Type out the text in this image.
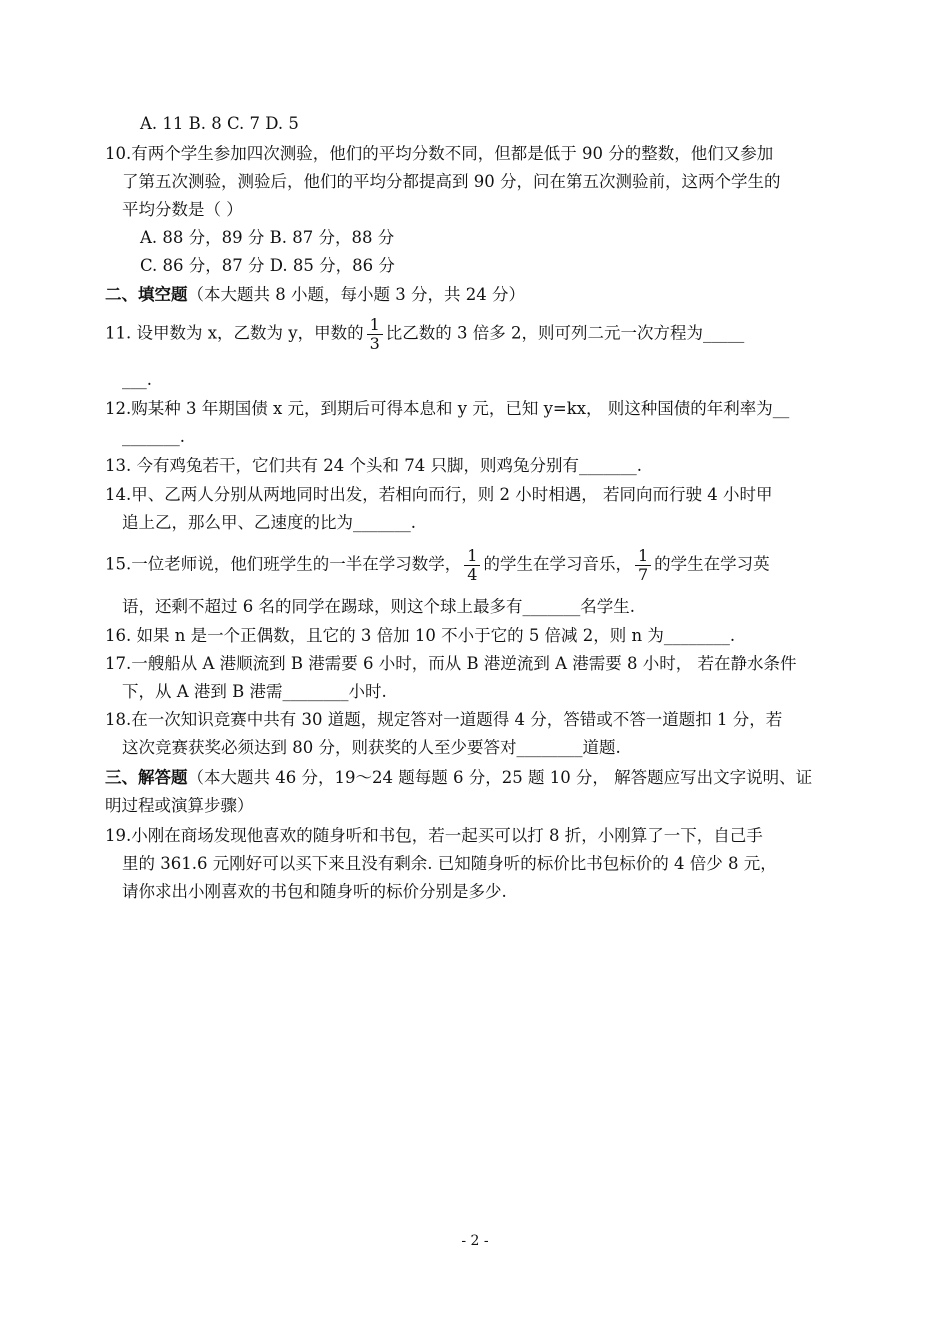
A. 11 B. 8 C. 7 D. 5
10.有两个学生参加四次测验，他们的平均分数不同，但都是低于 90 分的整数，他们又参加
了第五次测验，测验后，他们的平均分都提高到 90 分，问在第五次测验前，这两个学生的
平均分数是（ ）
A. 88 分，89 分 B. 87 分，88 分
C. 86 分，87 分 D. 85 分，86 分
二、填空题（本大题共 8 小题，每小题 3 分，共 24 分）
11. 设甲数为 x，乙数为 y，甲数的 $\frac{1}{3}$ 比乙数的 3 倍多 2，则可列二元一次方程为_____
___.
12.购某种 3 年期国债 x 元，到期后可得本息和 y 元，已知 y=kx， 则这种国债的年利率为__
_______.
13. 今有鸡兔若干，它们共有 24 个头和 74 只脚，则鸡兔分别有_______.
14.甲、乙两人分别从两地同时出发，若相向而行，则 2 小时相遇， 若同向而行驶 4 小时甲
追上乙，那么甲、乙速度的比为_______.
15.一位老师说，他们班学生的一半在学习数学， $\frac{1}{4}$ 的学生在学习音乐， $\frac{1}{7}$ 的学生在学习英
语，还剩不超过 6 名的同学在踢球，则这个球上最多有_______名学生.
16. 如果 n 是一个正偶数，且它的 3 倍加 10 不小于它的 5 倍减 2，则 n 为________.
17.一艘船从 A 港顺流到 B 港需要 6 小时，而从 B 港逆流到 A 港需要 8 小时， 若在静水条件
下，从 A 港到 B 港需________小时.
18.在一次知识竞赛中共有 30 道题，规定答对一道题得 4 分，答错或不答一道题扣 1 分，若
这次竞赛获奖必须达到 80 分，则获奖的人至少要答对________道题.
三、解答题（本大题共 46 分，19～24 题每题 6 分，25 题 10 分， 解答题应写出文字说明、证
明过程或演算步骤）
19.小刚在商场发现他喜欢的随身听和书包，若一起买可以打 8 折，小刚算了一下，自己手
里的 361.6 元刚好可以买下来且没有剩余. 已知随身听的标价比书包标价的 4 倍少 8 元，
请你求出小刚喜欢的书包和随身听的标价分别是多少.
- 2 -
